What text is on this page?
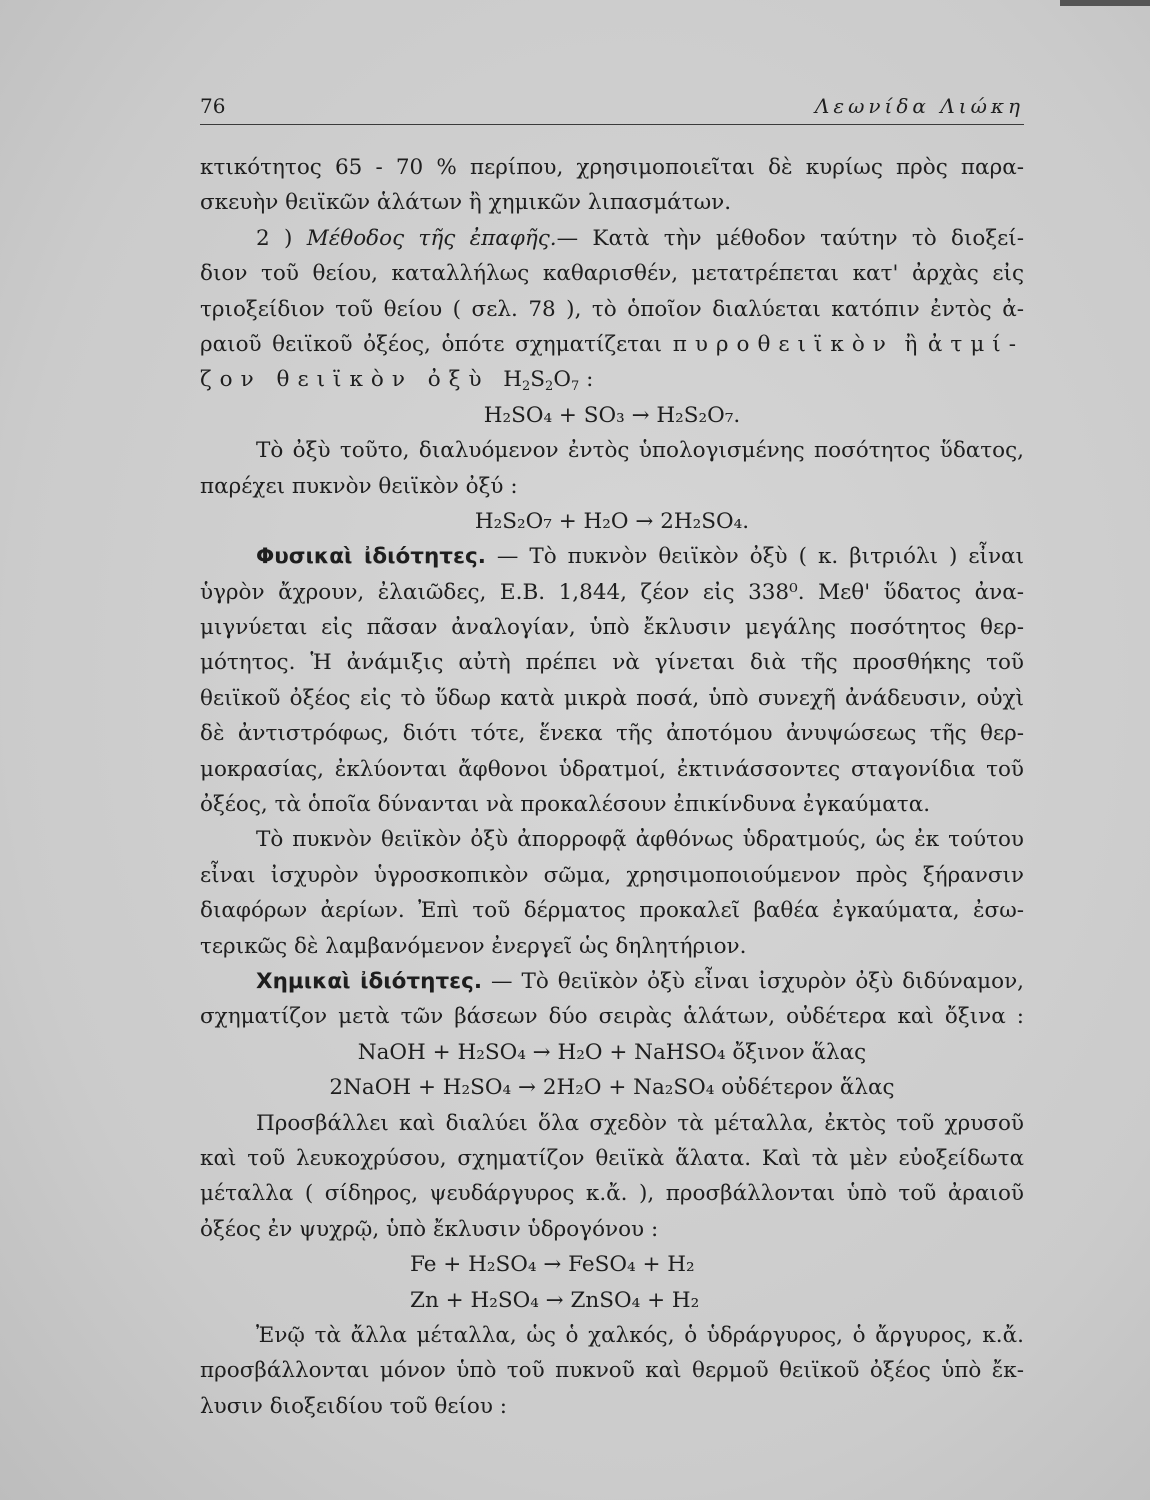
76	Λεωνίδα Λιώκη
κτικότητος 65 - 70 % περίπου, χρησιμοποιεῖται δὲ κυρίως πρὸς παρα-
σκευὴν θειϊκῶν ἁλάτων ἢ χημικῶν λιπασμάτων.
2 ) Μέθοδος τῆς ἐπαφῆς.— Κατὰ τὴν μέθοδον ταύτην τὸ διοξεί-
διον τοῦ θείου, καταλλήλως καθαρισθέν, μετατρέπεται κατ' ἀρχὰς εἰς
τριοξείδιον τοῦ θείου ( σελ. 78 ), τὸ ὁποῖον διαλύεται κατόπιν ἐντὸς ἀ-
ραιοῦ θειϊκοῦ ὀξέος, ὁπότε σχηματίζεται πυροθειϊκὸν ἢ ἀτμί-
ζον θειϊκὸν ὀξὺ $H_2S_2O_7$ :
H₂SO₄ + SO₃ → H₂S₂O₇.
Τὸ ὀξὺ τοῦτο, διαλυόμενον ἐντὸς ὑπολογισμένης ποσότητος ὕδατος,
παρέχει πυκνὸν θειϊκὸν ὀξύ :
H₂S₂O₇ + H₂O → 2H₂SO₄.
Φυσικαὶ ἰδιότητες. — Τὸ πυκνὸν θειϊκὸν ὀξὺ ( κ. βιτριόλι ) εἶναι
ὑγρὸν ἄχρουν, ἐλαιῶδες, Ε.Β. 1,844, ζέον εἰς 338⁰. Μεθ' ὕδατος ἀνα-
μιγνύεται εἰς πᾶσαν ἀναλογίαν, ὑπὸ ἔκλυσιν μεγάλης ποσότητος θερ-
μότητος. Ἡ ἀνάμιξις αὐτὴ πρέπει νὰ γίνεται διὰ τῆς προσθήκης τοῦ
θειϊκοῦ ὀξέος εἰς τὸ ὕδωρ κατὰ μικρὰ ποσά, ὑπὸ συνεχῆ ἀνάδευσιν, οὐχὶ
δὲ ἀντιστρόφως, διότι τότε, ἕνεκα τῆς ἀποτόμου ἀνυψώσεως τῆς θερ-
μοκρασίας, ἐκλύονται ἄφθονοι ὑδρατμοί, ἐκτινάσσοντες σταγονίδια τοῦ
ὀξέος, τὰ ὁποῖα δύνανται νὰ προκαλέσουν ἐπικίνδυνα ἐγκαύματα.
Τὸ πυκνὸν θειϊκὸν ὀξὺ ἀπορροφᾷ ἀφθόνως ὑδρατμούς, ὡς ἐκ τούτου
εἶναι ἰσχυρὸν ὑγροσκοπικὸν σῶμα, χρησιμοποιούμενον πρὸς ξήρανσιν
διαφόρων ἀερίων. Ἐπὶ τοῦ δέρματος προκαλεῖ βαθέα ἐγκαύματα, ἐσω-
τερικῶς δὲ λαμβανόμενον ἐνεργεῖ ὡς δηλητήριον.
Χημικαὶ ἰδιότητες. — Τὸ θειϊκὸν ὀξὺ εἶναι ἰσχυρὸν ὀξὺ διδύναμον,
σχηματίζον μετὰ τῶν βάσεων δύο σειρὰς ἁλάτων, οὐδέτερα καὶ ὄξινα :
NaOH + H₂SO₄ → H₂O + NaHSO₄ ὄξινον ἅλας
2NaOH + H₂SO₄ → 2H₂O + Na₂SO₄ οὐδέτερον ἅλας
Προσβάλλει καὶ διαλύει ὅλα σχεδὸν τὰ μέταλλα, ἐκτὸς τοῦ χρυσοῦ
καὶ τοῦ λευκοχρύσου, σχηματίζον θειϊκὰ ἅλατα. Καὶ τὰ μὲν εὐοξείδωτα
μέταλλα ( σίδηρος, ψευδάργυρος κ.ἄ. ), προσβάλλονται ὑπὸ τοῦ ἀραιοῦ
ὀξέος ἐν ψυχρῷ, ὑπὸ ἔκλυσιν ὑδρογόνου :
Fe + H₂SO₄ → FeSO₄ + H₂
Zn + H₂SO₄ → ZnSO₄ + H₂
Ἐνῷ τὰ ἄλλα μέταλλα, ὡς ὁ χαλκός, ὁ ὑδράργυρος, ὁ ἄργυρος, κ.ἄ.
προσβάλλονται μόνον ὑπὸ τοῦ πυκνοῦ καὶ θερμοῦ θειϊκοῦ ὀξέος ὑπὸ ἔκ-
λυσιν διοξειδίου τοῦ θείου :
